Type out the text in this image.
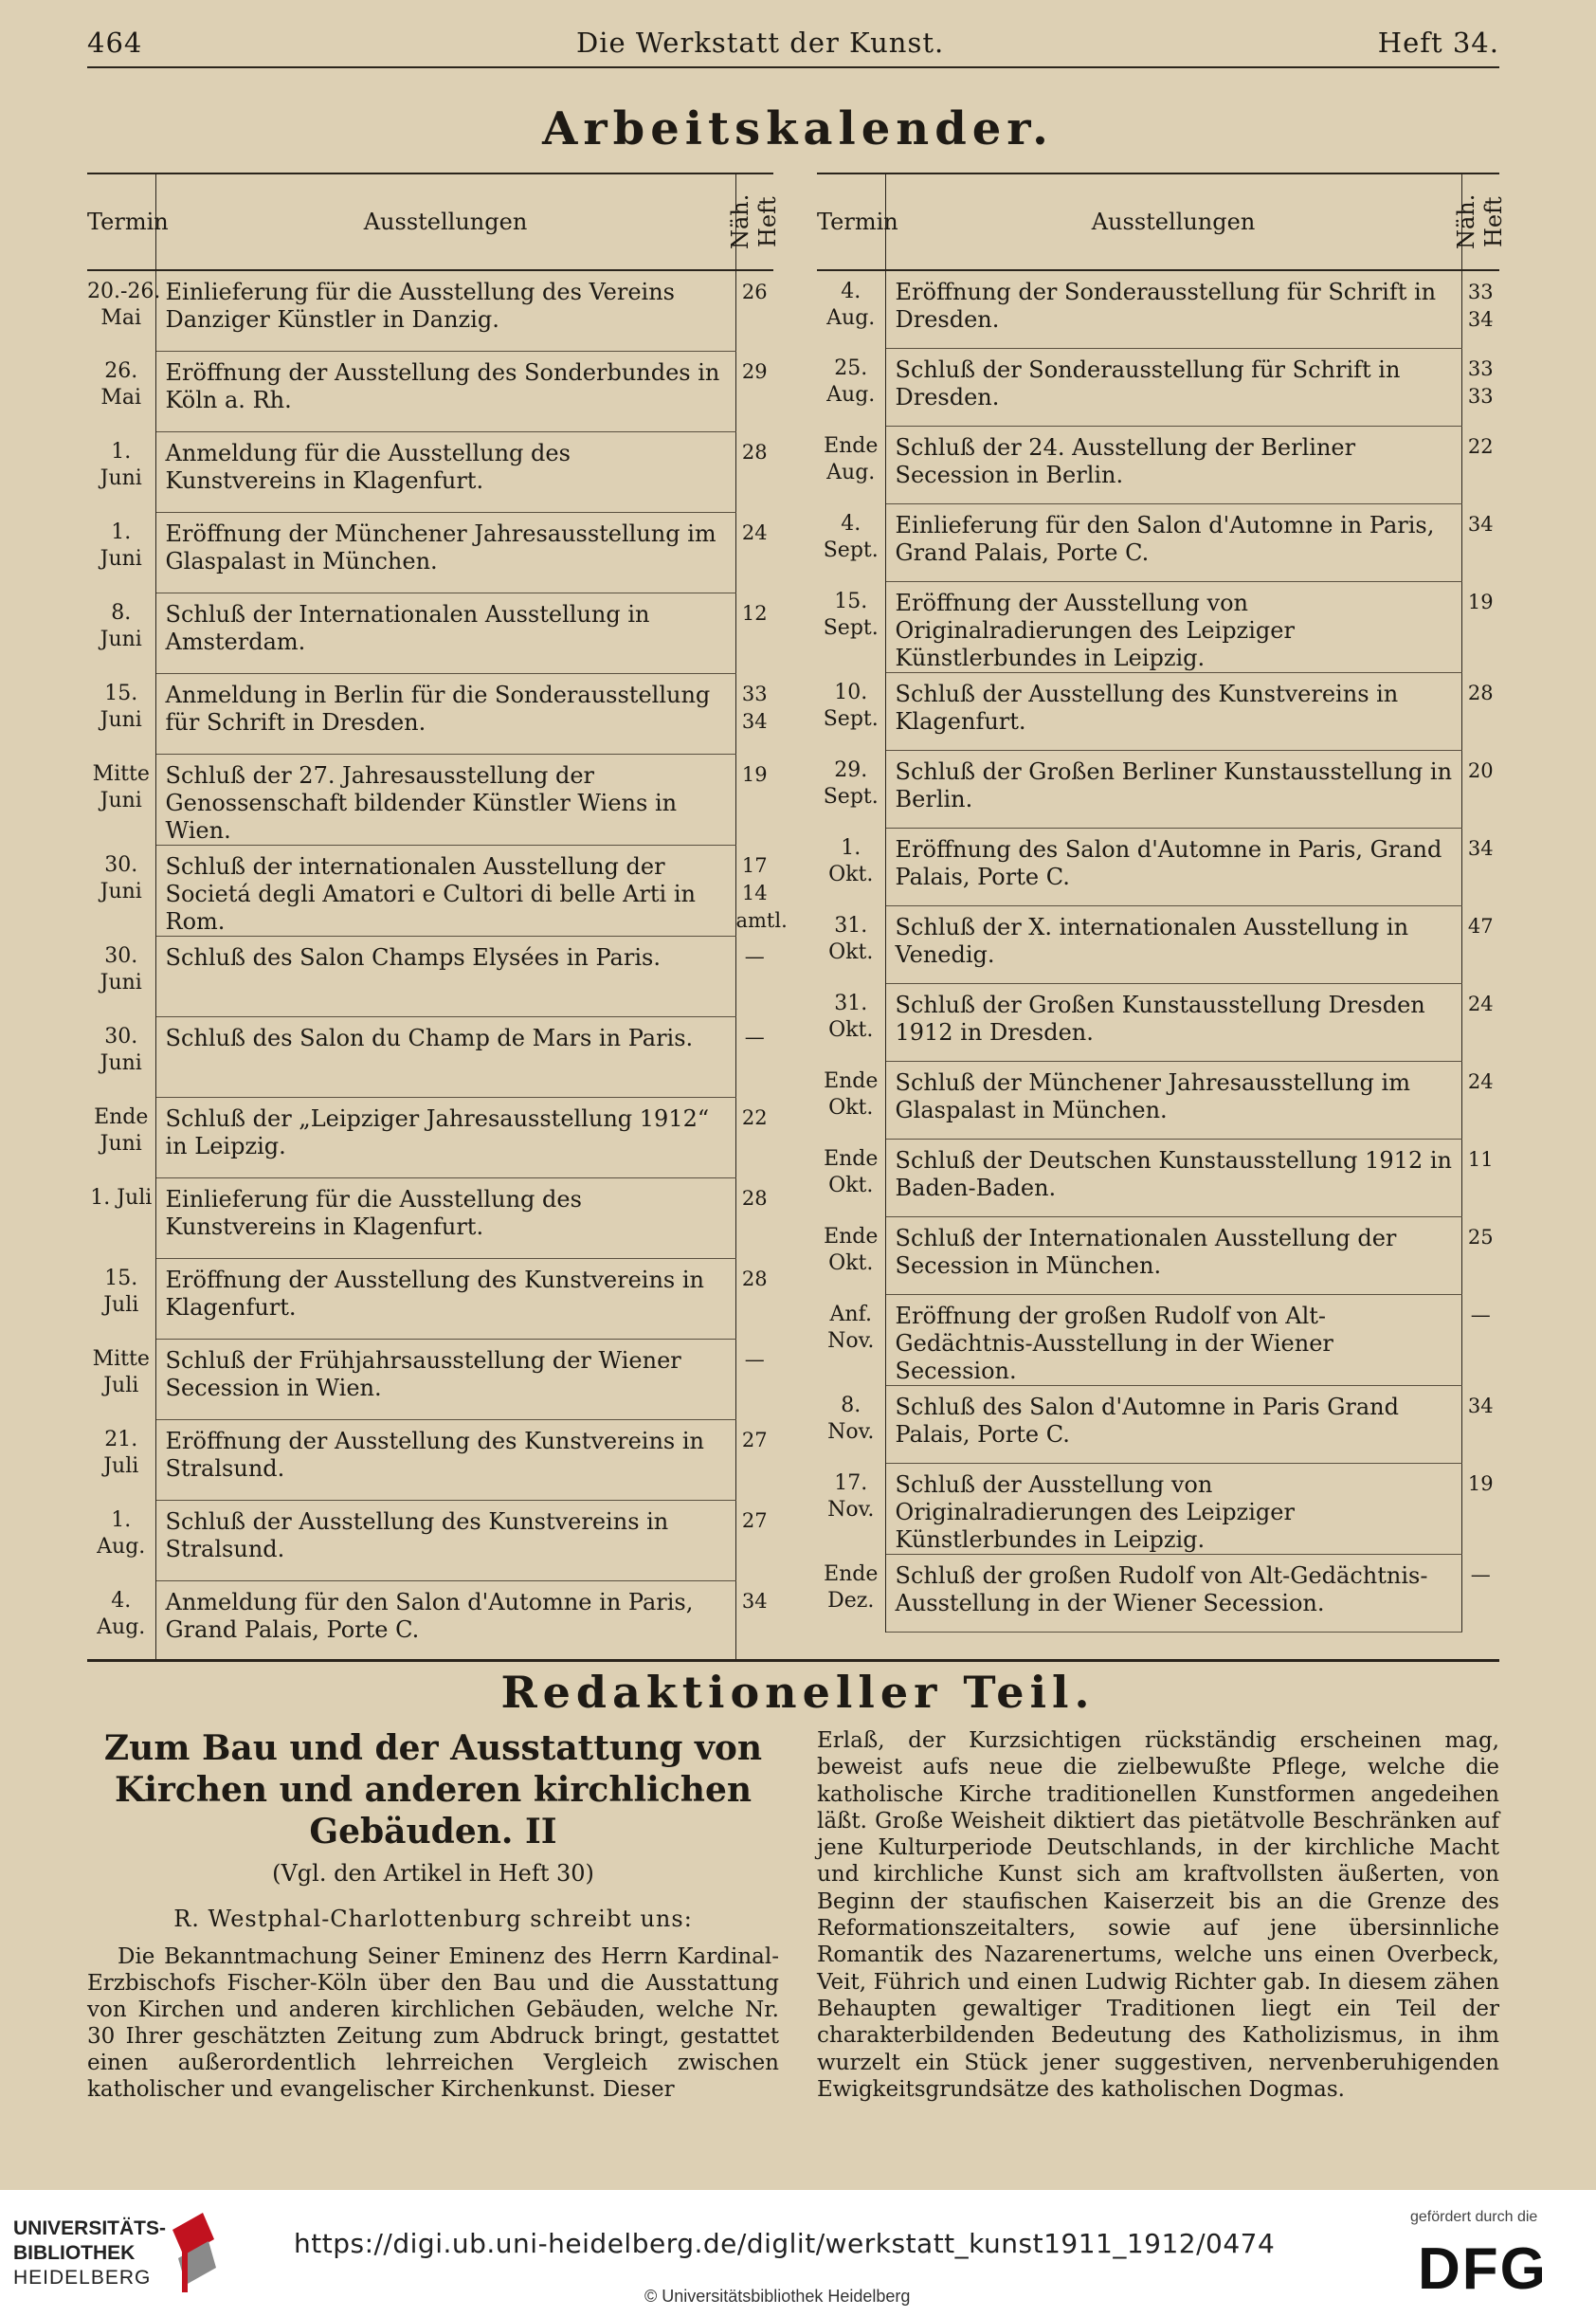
464	Die Werkstatt der Kunst.	Heft 34.
Arbeitskalender.
Termin	Ausstellungen	Näh. Heft
20.-26. Mai	Einlieferung für die Ausstellung des Vereins Danziger Künstler in Danzig.	26
26. Mai	Eröffnung der Ausstellung des Sonderbundes in Köln a. Rh.	29
1. Juni	Anmeldung für die Ausstellung des Kunstvereins in Klagenfurt.	28
1. Juni	Eröffnung der Münchener Jahresausstellung im Glaspalast in München.	24
8. Juni	Schluß der Internationalen Ausstellung in Amsterdam.	12
15. Juni	Anmeldung in Berlin für die Sonderausstellung für Schrift in Dresden.	33 34
Mitte Juni	Schluß der 27. Jahresausstellung der Genossenschaft bildender Künstler Wiens in Wien.	19
30. Juni	Schluß der internationalen Ausstellung der Societá degli Amatori e Cultori di belle Arti in Rom.	17 14 amtl.
30. Juni	Schluß des Salon Champs Elysées in Paris.	—
30. Juni	Schluß des Salon du Champ de Mars in Paris.	—
Ende Juni	Schluß der „Leipziger Jahresausstellung 1912“ in Leipzig.	22
1. Juli	Einlieferung für die Ausstellung des Kunstvereins in Klagenfurt.	28
15. Juli	Eröffnung der Ausstellung des Kunstvereins in Klagenfurt.	28
Mitte Juli	Schluß der Frühjahrsausstellung der Wiener Secession in Wien.	—
21. Juli	Eröffnung der Ausstellung des Kunstvereins in Stralsund.	27
1. Aug.	Schluß der Ausstellung des Kunstvereins in Stralsund.	27
4. Aug.	Anmeldung für den Salon d'Automne in Paris, Grand Palais, Porte C.	34
Termin	Ausstellungen	Näh. Heft
4. Aug.	Eröffnung der Sonderausstellung für Schrift in Dresden.	33 34
25. Aug.	Schluß der Sonderausstellung für Schrift in Dresden.	33 33
Ende Aug.	Schluß der 24. Ausstellung der Berliner Secession in Berlin.	22
4. Sept.	Einlieferung für den Salon d'Automne in Paris, Grand Palais, Porte C.	34
15. Sept.	Eröffnung der Ausstellung von Originalradierungen des Leipziger Künstlerbundes in Leipzig.	19
10. Sept.	Schluß der Ausstellung des Kunstvereins in Klagenfurt.	28
29. Sept.	Schluß der Großen Berliner Kunstausstellung in Berlin.	20
1. Okt.	Eröffnung des Salon d'Automne in Paris, Grand Palais, Porte C.	34
31. Okt.	Schluß der X. internationalen Ausstellung in Venedig.	47
31. Okt.	Schluß der Großen Kunstausstellung Dresden 1912 in Dresden.	24
Ende Okt.	Schluß der Münchener Jahresausstellung im Glaspalast in München.	24
Ende Okt.	Schluß der Deutschen Kunstausstellung 1912 in Baden-Baden.	11
Ende Okt.	Schluß der Internationalen Ausstellung der Secession in München.	25
Anf. Nov.	Eröffnung der großen Rudolf von Alt-Gedächtnis-Ausstellung in der Wiener Secession.	—
8. Nov.	Schluß des Salon d'Automne in Paris Grand Palais, Porte C.	34
17. Nov.	Schluß der Ausstellung von Originalradierungen des Leipziger Künstlerbundes in Leipzig.	19
Ende Dez.	Schluß der großen Rudolf von Alt-Gedächtnis-Ausstellung in der Wiener Secession.	—
Redaktioneller Teil.
Zum Bau und der Ausstattung von Kirchen und anderen kirchlichen Gebäuden. II
(Vgl. den Artikel in Heft 30)
R. Westphal-Charlottenburg schreibt uns:
Die Bekanntmachung Seiner Eminenz des Herrn Kardinal-Erzbischofs Fischer-Köln über den Bau und die Ausstattung von Kirchen und anderen kirchlichen Gebäuden, welche Nr. 30 Ihrer geschätzten Zeitung zum Abdruck bringt, gestattet einen außerordentlich lehrreichen Vergleich zwischen katholischer und evangelischer Kirchenkunst. Dieser
Erlaß, der Kurzsichtigen rückständig erscheinen mag, beweist aufs neue die zielbewußte Pflege, welche die katholische Kirche traditionellen Kunstformen angedeihen läßt. Große Weisheit diktiert das pietätvolle Beschränken auf jene Kulturperiode Deutschlands, in der kirchliche Macht und kirchliche Kunst sich am kraftvollsten äußerten, von Beginn der staufischen Kaiserzeit bis an die Grenze des Reformationszeitalters, sowie auf jene übersinnliche Romantik des Nazarenertums, welche uns einen Overbeck, Veit, Führich und einen Ludwig Richter gab. In diesem zähen Behaupten gewaltiger Traditionen liegt ein Teil der charakterbildenden Bedeutung des Katholizismus, in ihm wurzelt ein Stück jener suggestiven, nervenberuhigenden Ewigkeitsgrundsätze des katholischen Dogmas.
UNIVERSITÄTS-
BIBLIOTHEK
HEIDELBERG
https://digi.ub.uni-heidelberg.de/diglit/werkstatt_kunst1911_1912/0474
© Universitätsbibliothek Heidelberg
gefördert durch die
DFG
